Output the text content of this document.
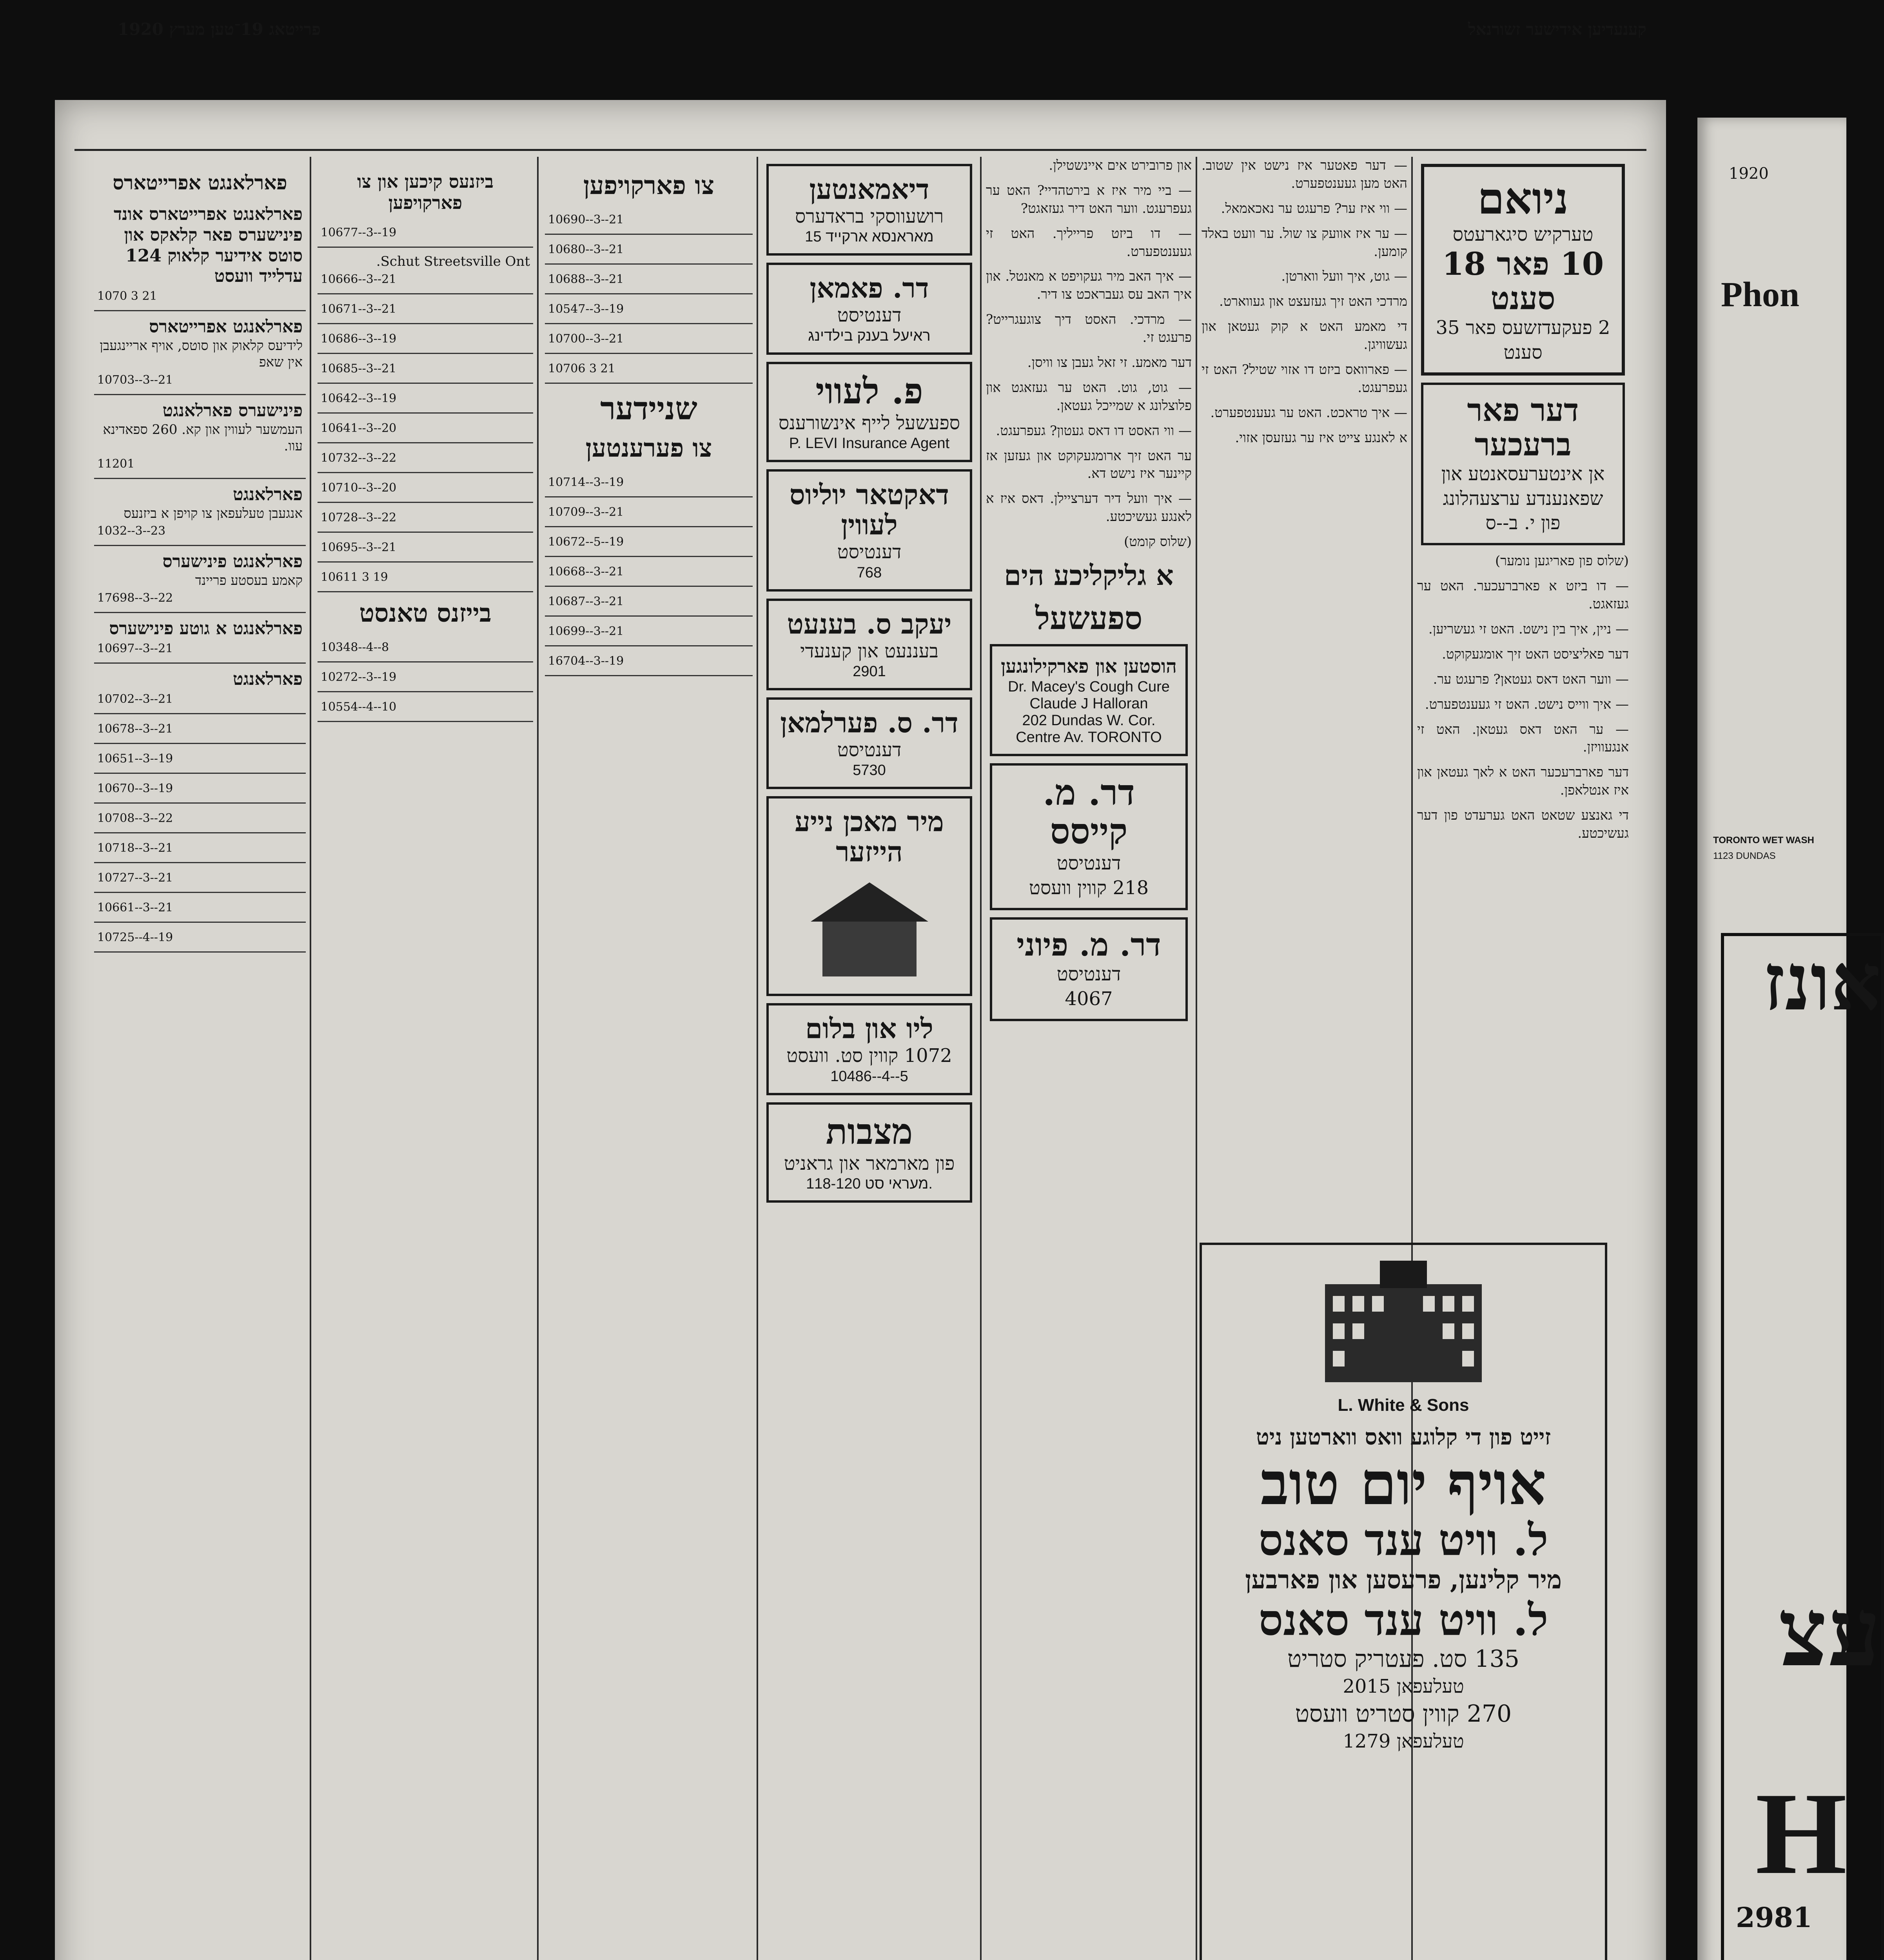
פרייטאג 19־טען מערץ 1920	קענעדיען אידישער זשורנאל
פארלאנגט אפרייטארס
פארלאנגט אפרייטארס אונד פינישערס פאר קלאקס און סוטס אידיער קלאוק 124 עדלייד וועסט
1070 3 21
פארלאנגט אפרייטארס
לידיעס קלאוק און סוטס, אויף אריינגעבן אין שאפ
10703--3--21
פינישערס פארלאנגט
העמשער לעווין און קא. 260 ספאדינא עוו.
11201
פארלאנגט
אנגעבן טעלעפאן צו קויפן א ביזנעס
1032--3--23
פארלאנגט פינישערס
קאמע בעסטע פריינד
17698--3--22
פארלאנגט א גוטע פינישערס
10697--3--21
פארלאנגט
10702--3--21
10678--3--21
10651--3--19
10670--3--19
10708--3--22
10718--3--21
10727--3--21
10661--3--21
10725--4--19
ביזנעס קיכען און צו פארקויפען
10677--3--19
Schut Streetsville Ont.
10666--3--21
10671--3--21
10686--3--19
10685--3--21
10642--3--19
10641--3--20
10732--3--22
10710--3--20
10728--3--22
10695--3--21
10611 3 19
בייזנס טאנסט
10348--4--8
10272--3--19
10554--4--10
צו פארקויפען
10690--3--21
10680--3--21
10688--3--21
10547--3--19
10700--3--21
10706 3 21
שניידער
צו פערענטען
10714--3--19
10709--3--21
10672--5--19
10668--3--21
10687--3--21
10699--3--21
16704--3--19
דיאמאנטען
רושעווסקי בראדערס
15 מאראנסא ארקייד
דר. פאמאן
דענטיסט
ראיעל בענק בילדינג
פ. לעווי
ספעשעל לייף אינשורענס
P. LEVI Insurance Agent
דאקטאר יוליוס לעווין
דענטיסט
768
יעקב ס. בענעט
בעננעט און קענעדי
2901
דר. ס. פערלמאן
דענטיסט
5730
מיר מאכן נייע הייזער
ליו און בלום
1072 קווין סט. וועסט
10486--4--5
מצבות
פון מארמאר און גראניט
118-120 מעראי סט.

און פרובירט אים איינשטילן.

— ביי מיר איז א בירטהדיי? האט ער געפרעגט. ווער האט דיר געזאגט?

— דו ביזט פרייליך. האט זי געענטפערט.

— איך האב מיר געקויפט א מאנטל. און איך האב עס געבראכט צו דיר.

— מרדכי. האסט דיך צוגעגרייט? פרעגט זי.

דער מאמע. זי זאל געבן צו וויסן.

— גוט, גוט. האט ער געזאגט און פלוצלונג א שמייכל געטאן.

— ווי האסט דו דאס געטון? געפרעגט.

ער האט זיך ארומגעקוקט און געזען אז קיינער איז נישט דא.

— איך וועל דיר דערציילן. דאס איז א לאנגע געשיכטע.

(שלוס קומט)

א גליקליכע הים
ספעשעל
הוסטען און פארקילונגען
Dr. Macey's Cough Cure
Claude J Halloran
202 Dundas W. Cor. Centre Av. TORONTO
דר. מ. קייסס
דענטיסט
218 קווין וועסט
דר. מ. פיוני
דענטיסט
4067

— דער פאטער איז נישט אין שטוב. האט מען געענטפערט.

— ווי איז ער? פרעגט ער נאכאמאל.

— ער איז אוועק צו שול. ער וועט באלד קומען.

— גוט, איך וועל ווארטן.

מרדכי האט זיך געזעצט און געווארט.

די מאמע האט א קוק געטאן און געשוויגן.

— פארוואס ביזט דו אזוי שטיל? האט זי געפרעגט.

— איך טראכט. האט ער געענטפערט.

א לאנגע צייט איז ער געזעסן אזוי.

ניואם
טערקיש סיגארעטס
10 פאר 18 סענט
2 פעקעדזשעס פאר 35 סענט
דער פאר ברעכער
אן אינטערעסאנטע און שפאנענדע ערצעהלונג
פון י. ב--ס

(שלוס פון פאריגען נומער)

— דו ביזט א פארברעכער. האט ער געזאגט.

— ניין, איך בין נישט. האט זי געשריען.

דער פאליציסט האט זיך אומגעקוקט.

— ווער האט דאס געטאן? פרעגט ער.

— איך ווייס נישט. האט זי געענטפערט.

— ער האט דאס געטאן. האט זי אנגעוויזן.

דער פארברעכער האט א לאך געטאן און איז אנטלאפן.

די גאנצע שטאט האט גערעדט פון דער געשיכטע.

L. White & Sons
זייט פון די קלוגע וואס ווארטען ניט
אויף יום טוב
ל. וויט ענד סאנס
מיר קלינען, פרעסען און פארבען
ל. וויט ענד סאנס
135 סט. פעטריק סטריט
טעלעפאן 2015
270 קווין סטריט וועסט
טעלעפאן 1279
1920
Phon
TORONTO WET WASH
1123 DUNDAS
אונז
עצ
H
2981
